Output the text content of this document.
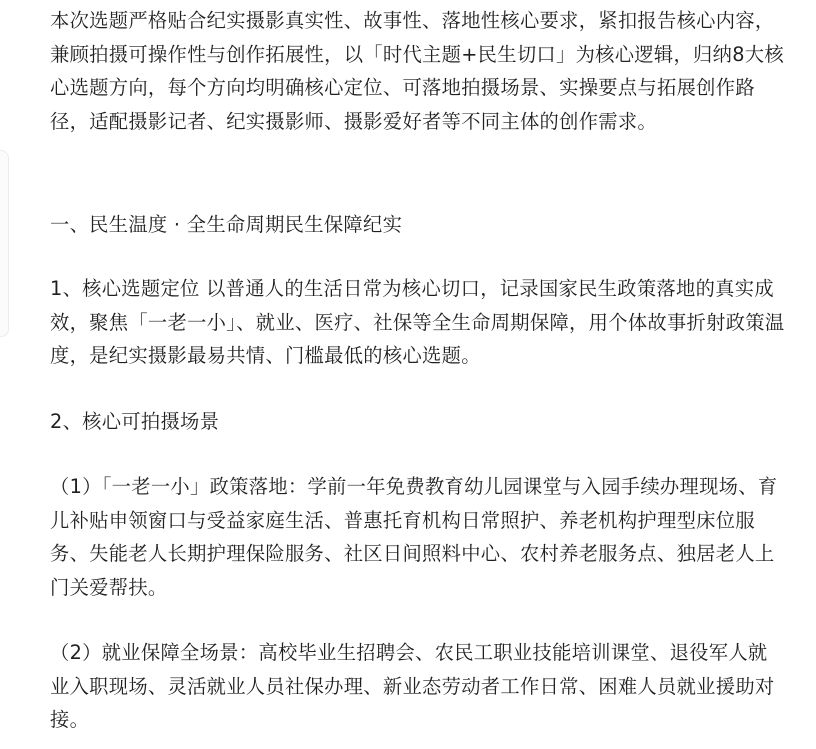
本次选题严格贴合纪实摄影真实性、故事性、落地性核心要求，紧扣报告核心内容，兼顾拍摄可操作性与创作拓展性，以「时代主题+民生切口」为核心逻辑，归纳8大核心选题方向，每个方向均明确核心定位、可落地拍摄场景、实操要点与拓展创作路径，适配摄影记者、纪实摄影师、摄影爱好者等不同主体的创作需求。

一、民生温度 · 全生命周期民生保障纪实

1、核心选题定位 以普通人的生活日常为核心切口，记录国家民生政策落地的真实成效，聚焦「一老一小」、就业、医疗、社保等全生命周期保障，用个体故事折射政策温度，是纪实摄影最易共情、门槛最低的核心选题。

2、核心可拍摄场景

（1）「一老一小」政策落地：学前一年免费教育幼儿园课堂与入园手续办理现场、育儿补贴申领窗口与受益家庭生活、普惠托育机构日常照护、养老机构护理型床位服务、失能老人长期护理保险服务、社区日间照料中心、农村养老服务点、独居老人上门关爱帮扶。

（2）就业保障全场景：高校毕业生招聘会、农民工职业技能培训课堂、退役军人就业入职现场、灵活就业人员社保办理、新业态劳动者工作日常、困难人员就业援助对接。
